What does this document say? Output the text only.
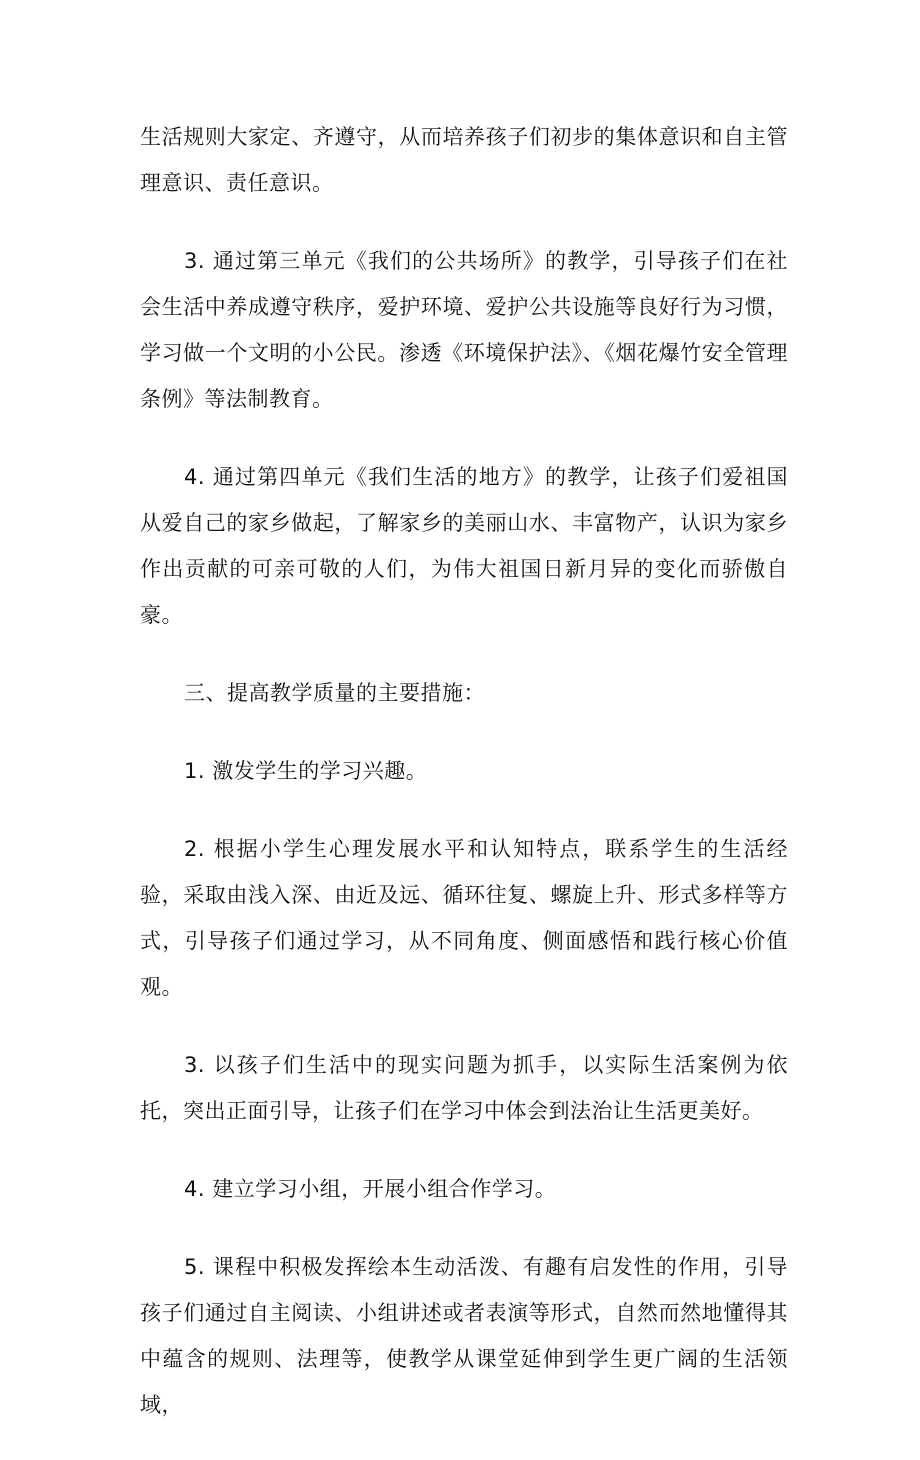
生活规则大家定、齐遵守，从而培养孩子们初步的集体意识和自主管理意识、责任意识。

3. 通过第三单元《我们的公共场所》的教学，引导孩子们在社会生活中养成遵守秩序，爱护环境、爱护公共设施等良好行为习惯，学习做一个文明的小公民。渗透《环境保护法》、《烟花爆竹安全管理条例》等法制教育。

4. 通过第四单元《我们生活的地方》的教学，让孩子们爱祖国从爱自己的家乡做起，了解家乡的美丽山水、丰富物产，认识为家乡作出贡献的可亲可敬的人们，为伟大祖国日新月异的变化而骄傲自豪。

三、提高教学质量的主要措施：

1. 激发学生的学习兴趣。

2. 根据小学生心理发展水平和认知特点，联系学生的生活经验，采取由浅入深、由近及远、循环往复、螺旋上升、形式多样等方式，引导孩子们通过学习，从不同角度、侧面感悟和践行核心价值观。

3. 以孩子们生活中的现实问题为抓手，以实际生活案例为依托，突出正面引导，让孩子们在学习中体会到法治让生活更美好。

4. 建立学习小组，开展小组合作学习。

5. 课程中积极发挥绘本生动活泼、有趣有启发性的作用，引导孩子们通过自主阅读、小组讲述或者表演等形式，自然而然地懂得其中蕴含的规则、法理等，使教学从课堂延伸到学生更广阔的生活领域，
